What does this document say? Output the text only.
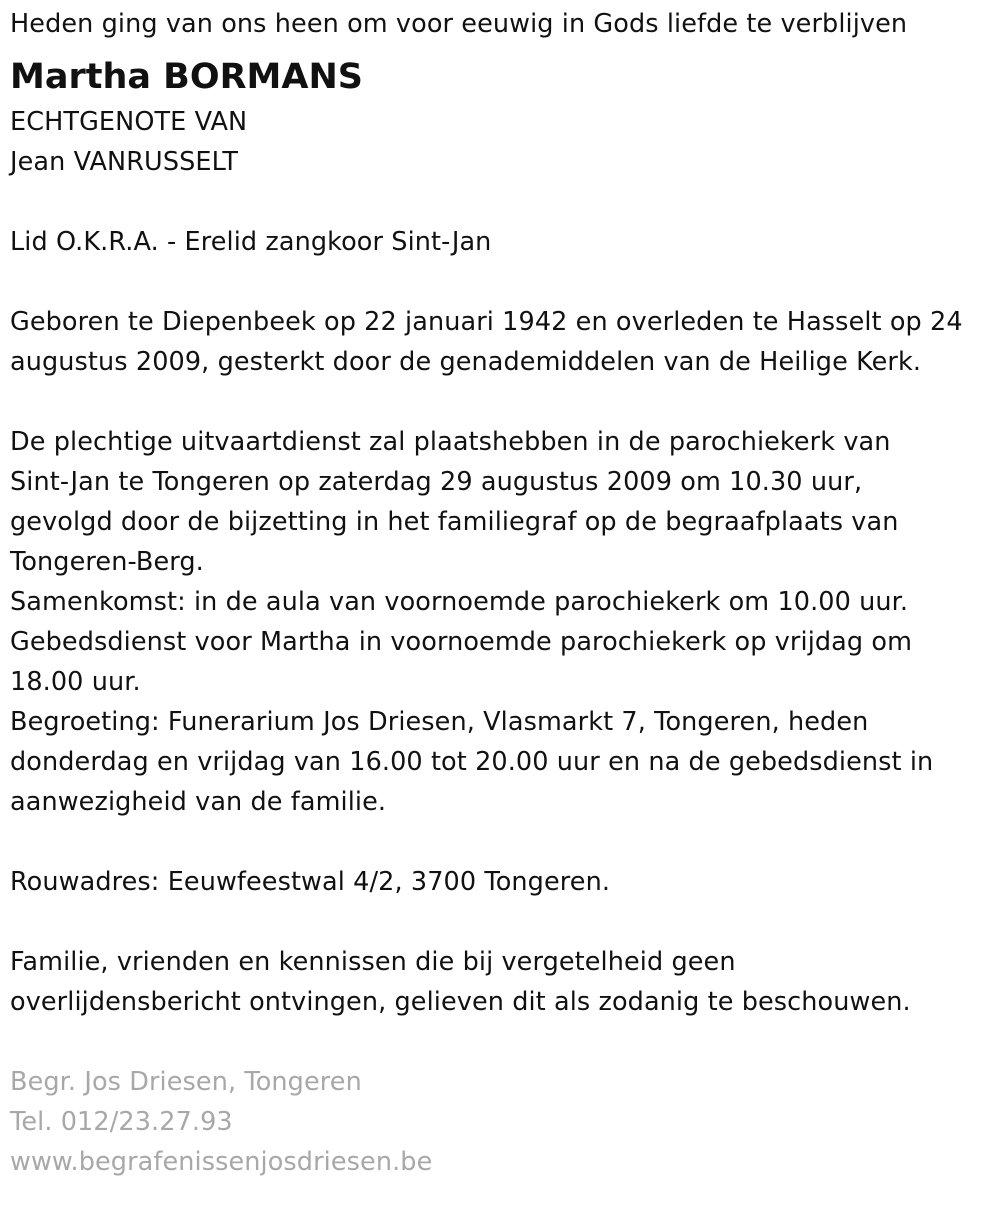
Heden ging van ons heen om voor eeuwig in Gods liefde te verblijven
Martha BORMANS
ECHTGENOTE VAN
Jean VANRUSSELT
Lid O.K.R.A. - Erelid zangkoor Sint-Jan
Geboren te Diepenbeek op 22 januari 1942 en overleden te Hasselt op 24
augustus 2009, gesterkt door de genademiddelen van de Heilige Kerk.
De plechtige uitvaartdienst zal plaatshebben in de parochiekerk van
Sint-Jan te Tongeren op zaterdag 29 augustus 2009 om 10.30 uur,
gevolgd door de bijzetting in het familiegraf op de begraafplaats van
Tongeren-Berg.
Samenkomst: in de aula van voornoemde parochiekerk om 10.00 uur.
Gebedsdienst voor Martha in voornoemde parochiekerk op vrijdag om
18.00 uur.
Begroeting: Funerarium Jos Driesen, Vlasmarkt 7, Tongeren, heden
donderdag en vrijdag van 16.00 tot 20.00 uur en na de gebedsdienst in
aanwezigheid van de familie.
Rouwadres: Eeuwfeestwal 4/2, 3700 Tongeren.
Familie, vrienden en kennissen die bij vergetelheid geen
overlijdensbericht ontvingen, gelieven dit als zodanig te beschouwen.
Begr. Jos Driesen, Tongeren
Tel. 012/23.27.93
www.begrafenissenjosdriesen.be
